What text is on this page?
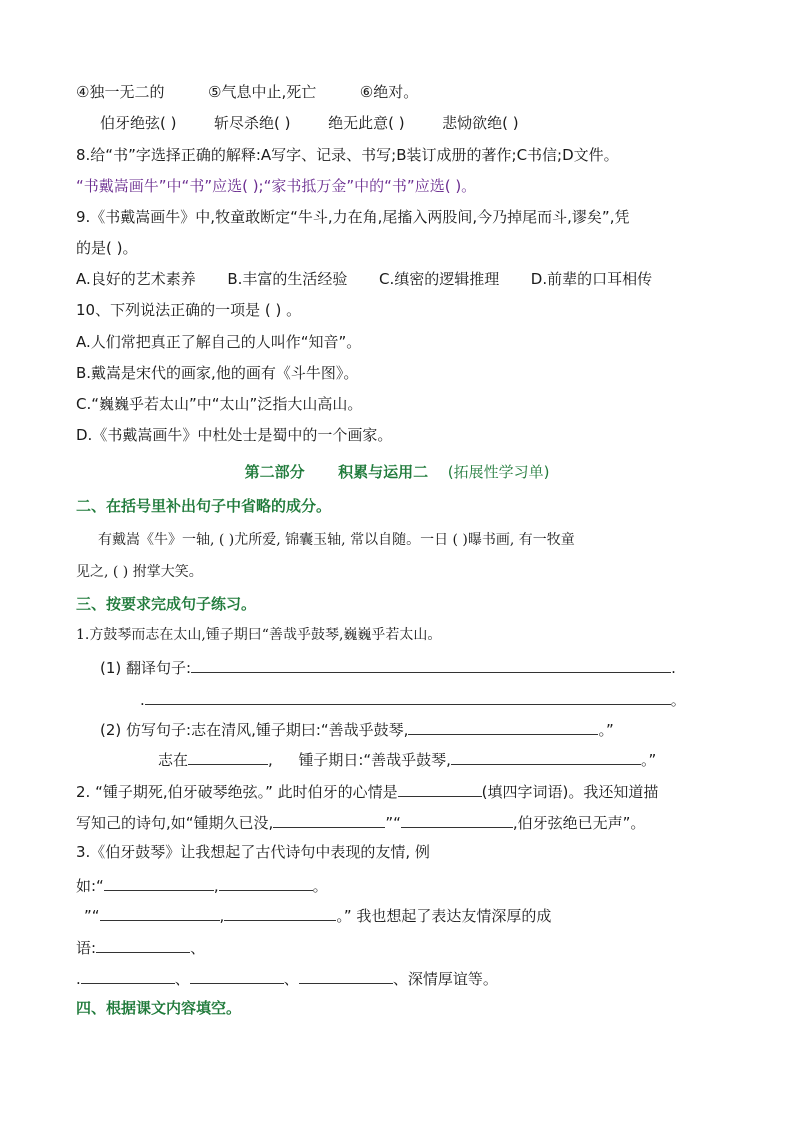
④独一无二的	⑤气息中止,死亡	⑥绝对。
伯牙绝弦( )	斩尽杀绝( )	绝无此意( )	悲恸欲绝( )
8.给“书”字选择正确的解释:A写字、记录、书写;B装订成册的著作;C书信;D文件。
“书戴嵩画牛”中“书”应选( );“家书抵万金”中的“书”应选( )。
9.《书戴嵩画牛》中,牧童敢断定“牛斗,力在角,尾搐入两股间,今乃掉尾而斗,谬矣”,凭
的是( )。
A.良好的艺术素养 B.丰富的生活经验 C.缜密的逻辑推理 D.前辈的口耳相传
10、下列说法正确的一项是 ( ) 。
A.人们常把真正了解自己的人叫作“知音”。
B.戴嵩是宋代的画家,他的画有《斗牛图》。
C.“巍巍乎若太山”中“太山”泛指大山高山。
D.《书戴嵩画牛》中杜处士是蜀中的一个画家。
第二部分 积累与运用二 (拓展性学习单)
二、在括号里补出句子中省略的成分。
有戴嵩《牛》一轴, ( )尤所爱, 锦囊玉轴, 常以自随。一日 ( )曝书画, 有一牧童
见之, ( ) 拊掌大笑。
三、按要求完成句子练习。
1.方鼓琴而志在太山,锺子期曰“善哉乎鼓琴,巍巍乎若太山。
(1) 翻译句子:	.
.	。
(2) 仿写句子:志在清风,锺子期曰:“善哉乎鼓琴,	。”
志在	, 锺子期日:“善哉乎鼓琴,	。”
2. “锺子期死,伯牙破琴绝弦。” 此时伯牙的心情是	(填四字词语)。我还知道描
写知己的诗句,如“锺期久已没,	”“	,伯牙弦绝已无声”。
3.《伯牙鼓琴》让我想起了古代诗句中表现的友情, 例
如:“	,	。
”“	,	。” 我也想起了表达友情深厚的成
语:	、
.	、	、	、深情厚谊等。
四、根据课文内容填空。
